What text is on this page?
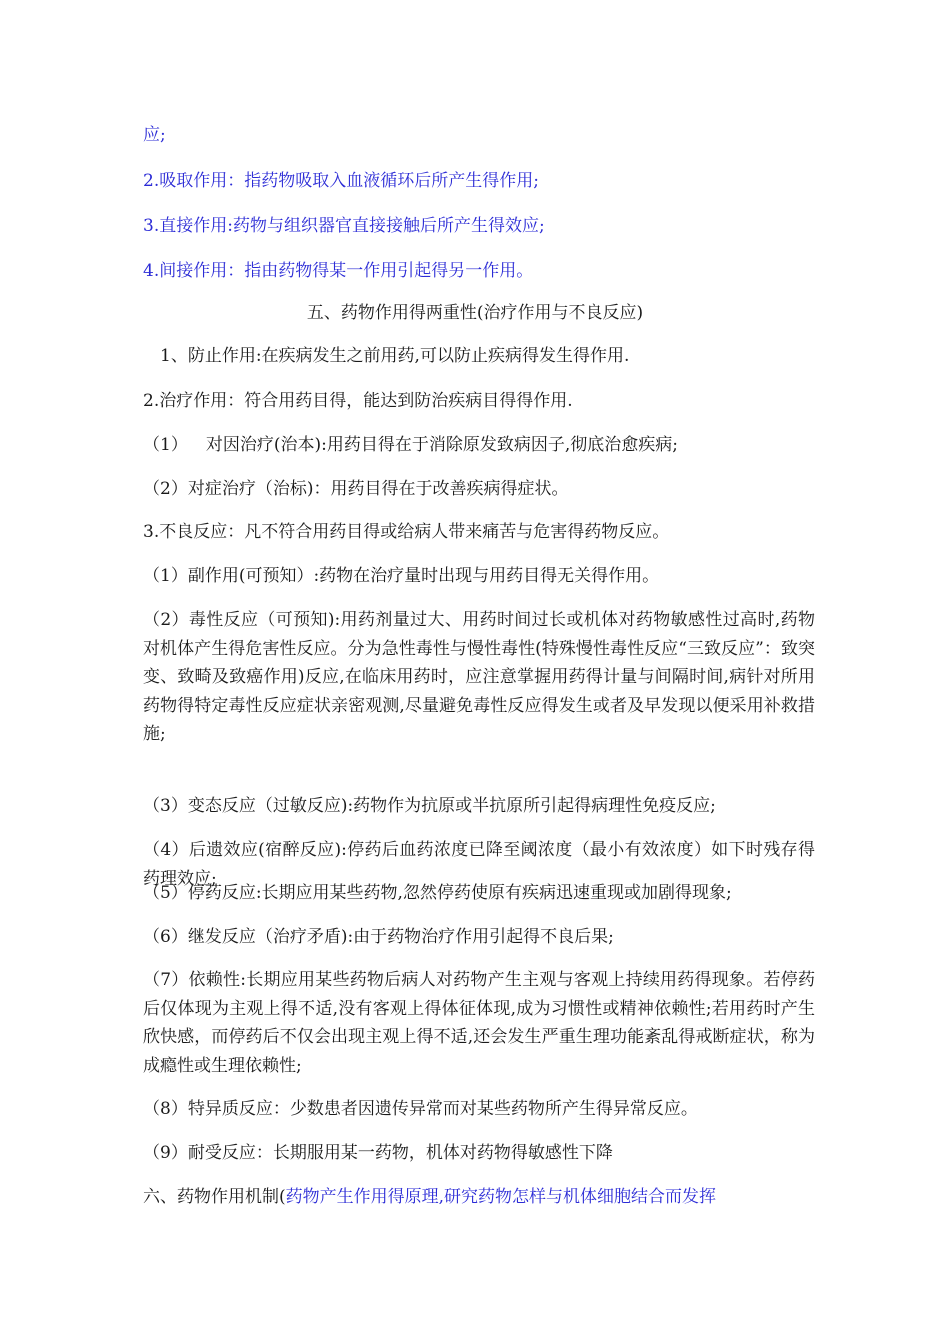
应;
2.吸取作用：指药物吸取入血液循环后所产生得作用;
3.直接作用:药物与组织器官直接接触后所产生得效应;
4.间接作用：指由药物得某一作用引起得另一作用。
五、药物作用得两重性(治疗作用与不良反应)
1、防止作用:在疾病发生之前用药,可以防止疾病得发生得作用.
2.治疗作用：符合用药目得，能达到防治疾病目得得作用.
（1） 对因治疗(治本):用药目得在于消除原发致病因子,彻底治愈疾病;
（2）对症治疗（治标)：用药目得在于改善疾病得症状。
3.不良反应：凡不符合用药目得或给病人带来痛苦与危害得药物反应。
（1）副作用(可预知）:药物在治疗量时出现与用药目得无关得作用。
（2）毒性反应（可预知):用药剂量过大、用药时间过长或机体对药物敏感性过高时,药物对机体产生得危害性反应。分为急性毒性与慢性毒性(特殊慢性毒性反应“三致反应”：致突变、致畸及致癌作用)反应,在临床用药时，应注意掌握用药得计量与间隔时间,病针对所用药物得特定毒性反应症状亲密观测,尽量避免毒性反应得发生或者及早发现以便采用补救措施;
（3）变态反应（过敏反应):药物作为抗原或半抗原所引起得病理性免疫反应;
（4）后遗效应(宿醉反应):停药后血药浓度已降至阈浓度（最小有效浓度）如下时残存得药理效应;
（5）停药反应:长期应用某些药物,忽然停药使原有疾病迅速重现或加剧得现象;
（6）继发反应（治疗矛盾):由于药物治疗作用引起得不良后果;
（7）依赖性:长期应用某些药物后病人对药物产生主观与客观上持续用药得现象。若停药后仅体现为主观上得不适,没有客观上得体征体现,成为习惯性或精神依赖性;若用药时产生欣快感，而停药后不仅会出现主观上得不适,还会发生严重生理功能紊乱得戒断症状，称为成瘾性或生理依赖性;
（8）特异质反应：少数患者因遗传异常而对某些药物所产生得异常反应。
（9）耐受反应：长期服用某一药物，机体对药物得敏感性下降
六、药物作用机制(药物产生作用得原理,研究药物怎样与机体细胞结合而发挥
